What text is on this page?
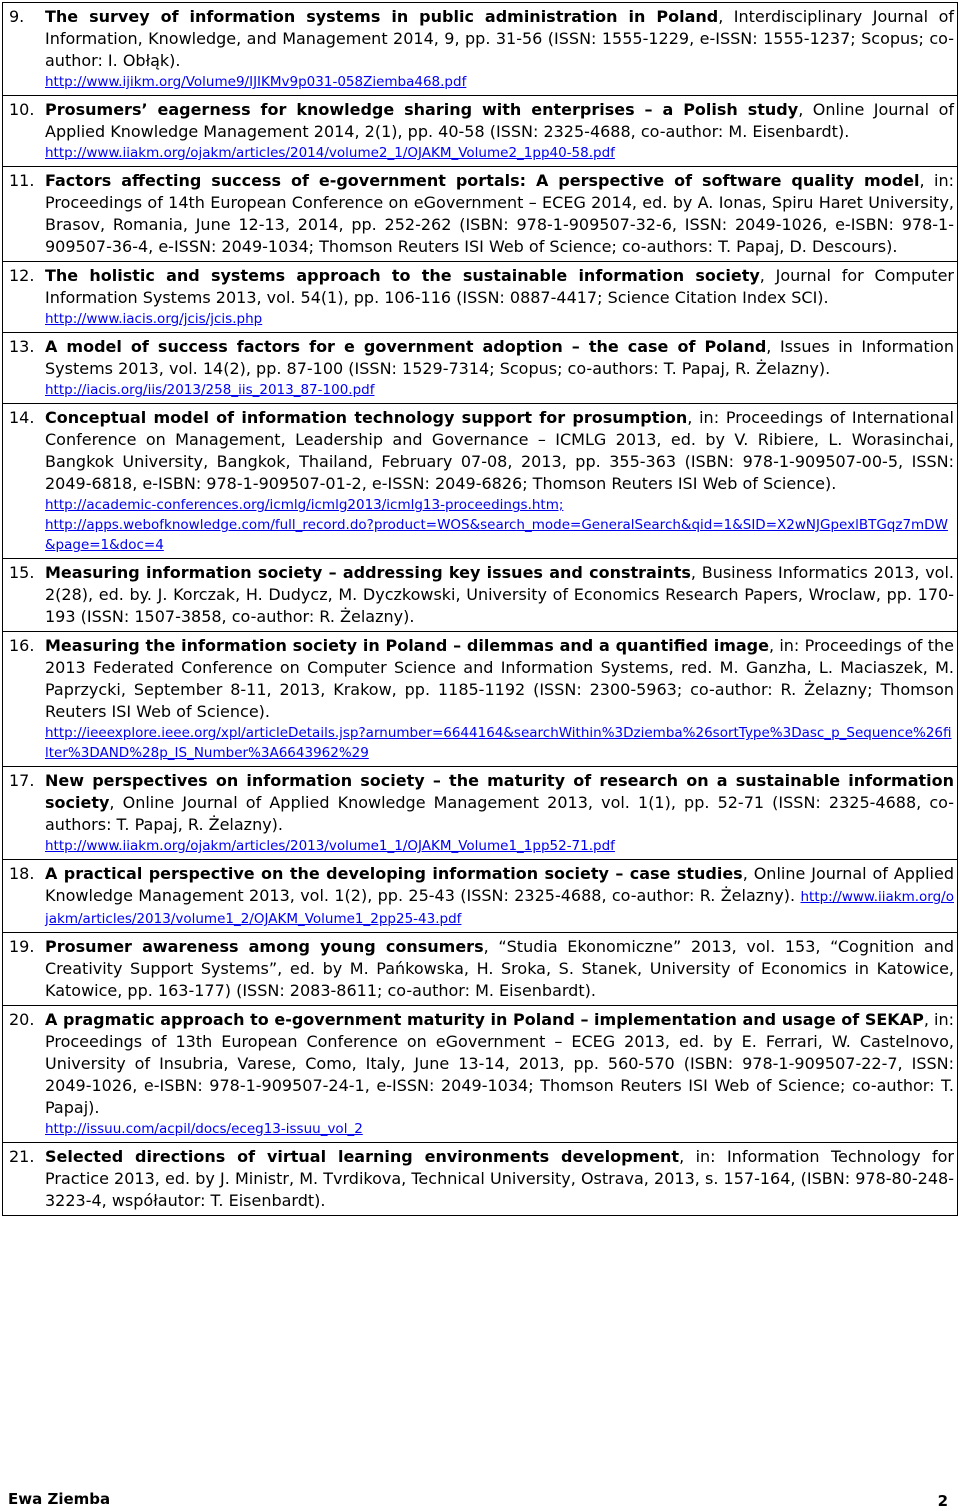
9.	The survey of information systems in public administration in Poland, Interdisciplinary Journal of Information, Knowledge, and Management 2014, 9, pp. 31-56 (ISSN: 1555-1229, e-ISSN: 1555-1237; Scopus; co-author: I. Obłąk).
http://www.ijikm.org/Volume9/IJIKMv9p031-058Ziemba468.pdf
10. Prosumers’ eagerness for knowledge sharing with enterprises – a Polish study, Online Journal of Applied Knowledge Management 2014, 2(1), pp. 40-58 (ISSN: 2325-4688, co-author: M. Eisenbardt).
http://www.iiakm.org/ojakm/articles/2014/volume2_1/OJAKM_Volume2_1pp40-58.pdf
11. Factors affecting success of e-government portals: A perspective of software quality model, in: Proceedings of 14th European Conference on eGovernment – ECEG 2014, ed. by A. Ionas, Spiru Haret University, Brasov, Romania, June 12-13, 2014, pp. 252-262 (ISBN: 978-1-909507-32-6, ISSN: 2049-1026, e-ISBN: 978-1-909507-36-4, e-ISSN: 2049-1034; Thomson Reuters ISI Web of Science; co-authors: T. Papaj, D. Descours).
12. The holistic and systems approach to the sustainable information society, Journal for Computer Information Systems 2013, vol. 54(1), pp. 106-116 (ISSN: 0887-4417; Science Citation Index SCI).
http://www.iacis.org/jcis/jcis.php
13. A model of success factors for e government adoption – the case of Poland, Issues in Information Systems 2013, vol. 14(2), pp. 87-100 (ISSN: 1529-7314; Scopus; co-authors: T. Papaj, R. Żelazny).
http://iacis.org/iis/2013/258_iis_2013_87-100.pdf
14. Conceptual model of information technology support for prosumption, in: Proceedings of International Conference on Management, Leadership and Governance – ICMLG 2013, ed. by V. Ribiere, L. Worasinchai, Bangkok University, Bangkok, Thailand, February 07-08, 2013, pp. 355-363 (ISBN: 978-1-909507-00-5, ISSN: 2049-6818, e-ISBN: 978-1-909507-01-2, e-ISSN: 2049-6826; Thomson Reuters ISI Web of Science).
http://academic-conferences.org/icmlg/icmlg2013/icmlg13-proceedings.htm;
http://apps.webofknowledge.com/full_record.do?product=WOS&search_mode=GeneralSearch&qid=1&SID=X2wNJGpexlBTGqz7mDW&page=1&doc=4
15. Measuring information society – addressing key issues and constraints, Business Informatics 2013, vol. 2(28), ed. by. J. Korczak, H. Dudycz, M. Dyczkowski, University of Economics Research Papers, Wroclaw, pp. 170-193 (ISSN: 1507-3858, co-author: R. Żelazny).
16. Measuring the information society in Poland – dilemmas and a quantified image, in: Proceedings of the 2013 Federated Conference on Computer Science and Information Systems, red. M. Ganzha, L. Maciaszek, M. Paprzycki, September 8-11, 2013, Krakow, pp. 1185-1192 (ISSN: 2300-5963; co-author: R. Żelazny; Thomson Reuters ISI Web of Science).
http://ieeexplore.ieee.org/xpl/articleDetails.jsp?arnumber=6644164&searchWithin%3Dziemba%26sortType%3Dasc_p_Sequence%26filter%3DAND%28p_IS_Number%3A6643962%29
17. New perspectives on information society – the maturity of research on a sustainable information society, Online Journal of Applied Knowledge Management 2013, vol. 1(1), pp. 52-71 (ISSN: 2325-4688, co-authors: T. Papaj, R. Żelazny).
http://www.iiakm.org/ojakm/articles/2013/volume1_1/OJAKM_Volume1_1pp52-71.pdf
18. A practical perspective on the developing information society – case studies, Online Journal of Applied Knowledge Management 2013, vol. 1(2), pp. 25-43 (ISSN: 2325-4688, co-author: R. Żelazny). http://www.iiakm.org/ojakm/articles/2013/volume1_2/OJAKM_Volume1_2pp25-43.pdf
19. Prosumer awareness among young consumers, “Studia Ekonomiczne” 2013, vol. 153, “Cognition and Creativity Support Systems”, ed. by M. Pańkowska, H. Sroka, S. Stanek, University of Economics in Katowice, Katowice, pp. 163-177) (ISSN: 2083-8611; co-author: M. Eisenbardt).
20. A pragmatic approach to e-government maturity in Poland – implementation and usage of SEKAP, in: Proceedings of 13th European Conference on eGovernment – ECEG 2013, ed. by E. Ferrari, W. Castelnovo, University of Insubria, Varese, Como, Italy, June 13-14, 2013, pp. 560-570 (ISBN: 978-1-909507-22-7, ISSN: 2049-1026, e-ISBN: 978-1-909507-24-1, e-ISSN: 2049-1034; Thomson Reuters ISI Web of Science; co-author: T. Papaj).
http://issuu.com/acpil/docs/eceg13-issuu_vol_2
21. Selected directions of virtual learning environments development, in: Information Technology for Practice 2013, ed. by J. Ministr, M. Tvrdikova, Technical University, Ostrava, 2013, s. 157-164, (ISBN: 978-80-248-3223-4, współautor: T. Eisenbardt).
Ewa Ziemba	2
